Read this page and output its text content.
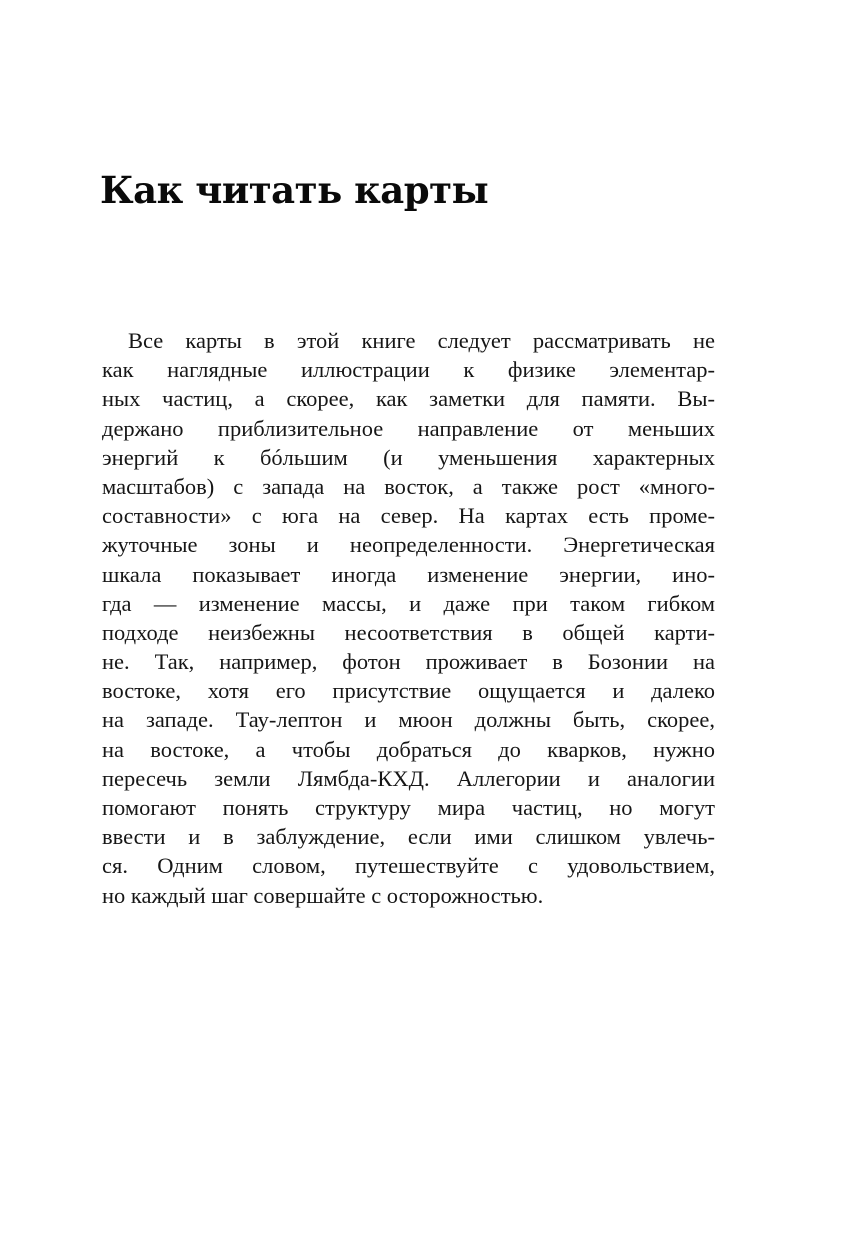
Как читать карты
Все карты в этой книге следует рассматривать не
как наглядные иллюстрации к физике элементар-
ных частиц, а скорее, как заметки для памяти. Вы-
держано приблизительное направление от меньших
энергий к бóльшим (и уменьшения характерных
масштабов) с запада на восток, а также рост «много-
составности» с юга на север. На картах есть проме-
жуточные зоны и неопределенности. Энергетическая
шкала показывает иногда изменение энергии, ино-
гда — изменение массы, и даже при таком гибком
подходе неизбежны несоответствия в общей карти-
не. Так, например, фотон проживает в Бозонии на
востоке, хотя его присутствие ощущается и далеко
на западе. Тау-лептон и мюон должны быть, скорее,
на востоке, а чтобы добраться до кварков, нужно
пересечь земли Лямбда-КХД. Аллегории и аналогии
помогают понять структуру мира частиц, но могут
ввести и в заблуждение, если ими слишком увлечь-
ся. Одним словом, путешествуйте с удовольствием,
но каждый шаг совершайте с осторожностью.
